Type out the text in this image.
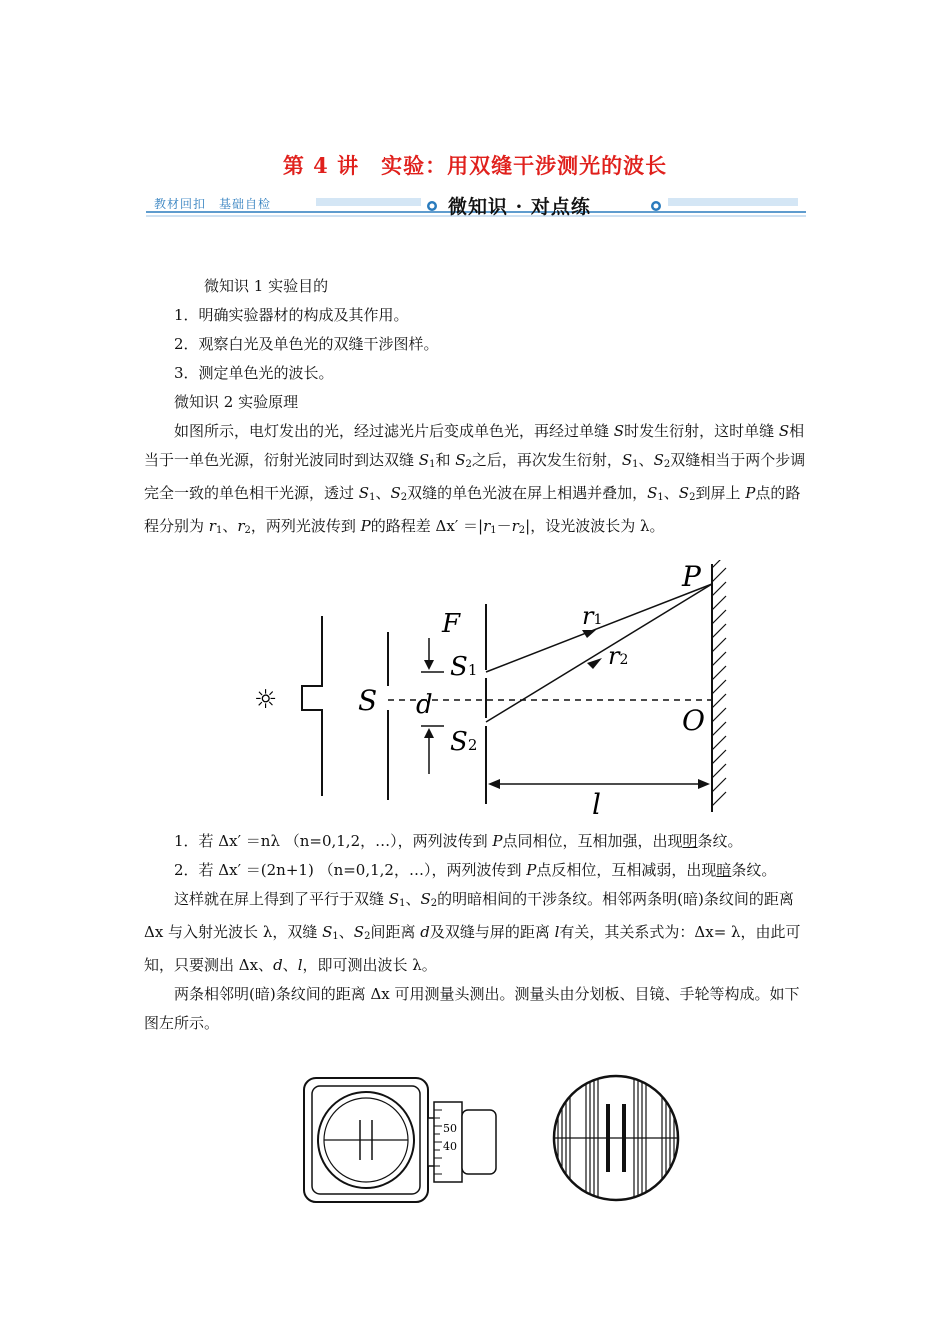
第 4 讲　实验：用双缝干涉测光的波长
教材回扣　基础自检	微知识 · 对点练

微知识 1 实验目的

1．明确实验器材的构成及其作用。

2．观察白光及单色光的双缝干涉图样。

3．测定单色光的波长。

微知识 2 实验原理

如图所示，电灯发出的光，经过滤光片后变成单色光，再经过单缝 S时发生衍射，这时单缝 S相当于一单色光源，衍射光波同时到达双缝 $S_1$和 $S_2$之后，再次发生衍射，$S_1$、$S_2$双缝相当于两个步调完全一致的单色相干光源，透过 $S_1$、$S_2$双缝的单色光波在屏上相遇并叠加，$S_1$、$S_2$到屏上 P点的路程分别为 $r_1$、$r_2$，两列光波传到 P的路程差 $\Delta x' =|r_1-r_2|$，设光波波长为 λ。

☼
F
S1
S d
S2
r1
r2
P
O
l

1．若 Δx′ ＝nλ （n=0,1,2，…），两列波传到 P点同相位，互相加强，出现明条纹。

2．若 Δx′ ＝(2n+1) （n=0,1,2，…），两列波传到 P点反相位，互相减弱，出现暗条纹。

这样就在屏上得到了平行于双缝 $S_1$、$S_2$的明暗相间的干涉条纹。相邻两条明(暗)条纹间的距离 Δx 与入射光波长 λ，双缝 $S_1$、$S_2$间距离 d及双缝与屏的距离 l有关，其关系式为：Δx= λ，由此可知，只要测出 Δx、d、l，即可测出波长 λ。

两条相邻明(暗)条纹间的距离 Δx 可用测量头测出。测量头由分划板、目镜、手轮等构成。如下图左所示。

50
40
